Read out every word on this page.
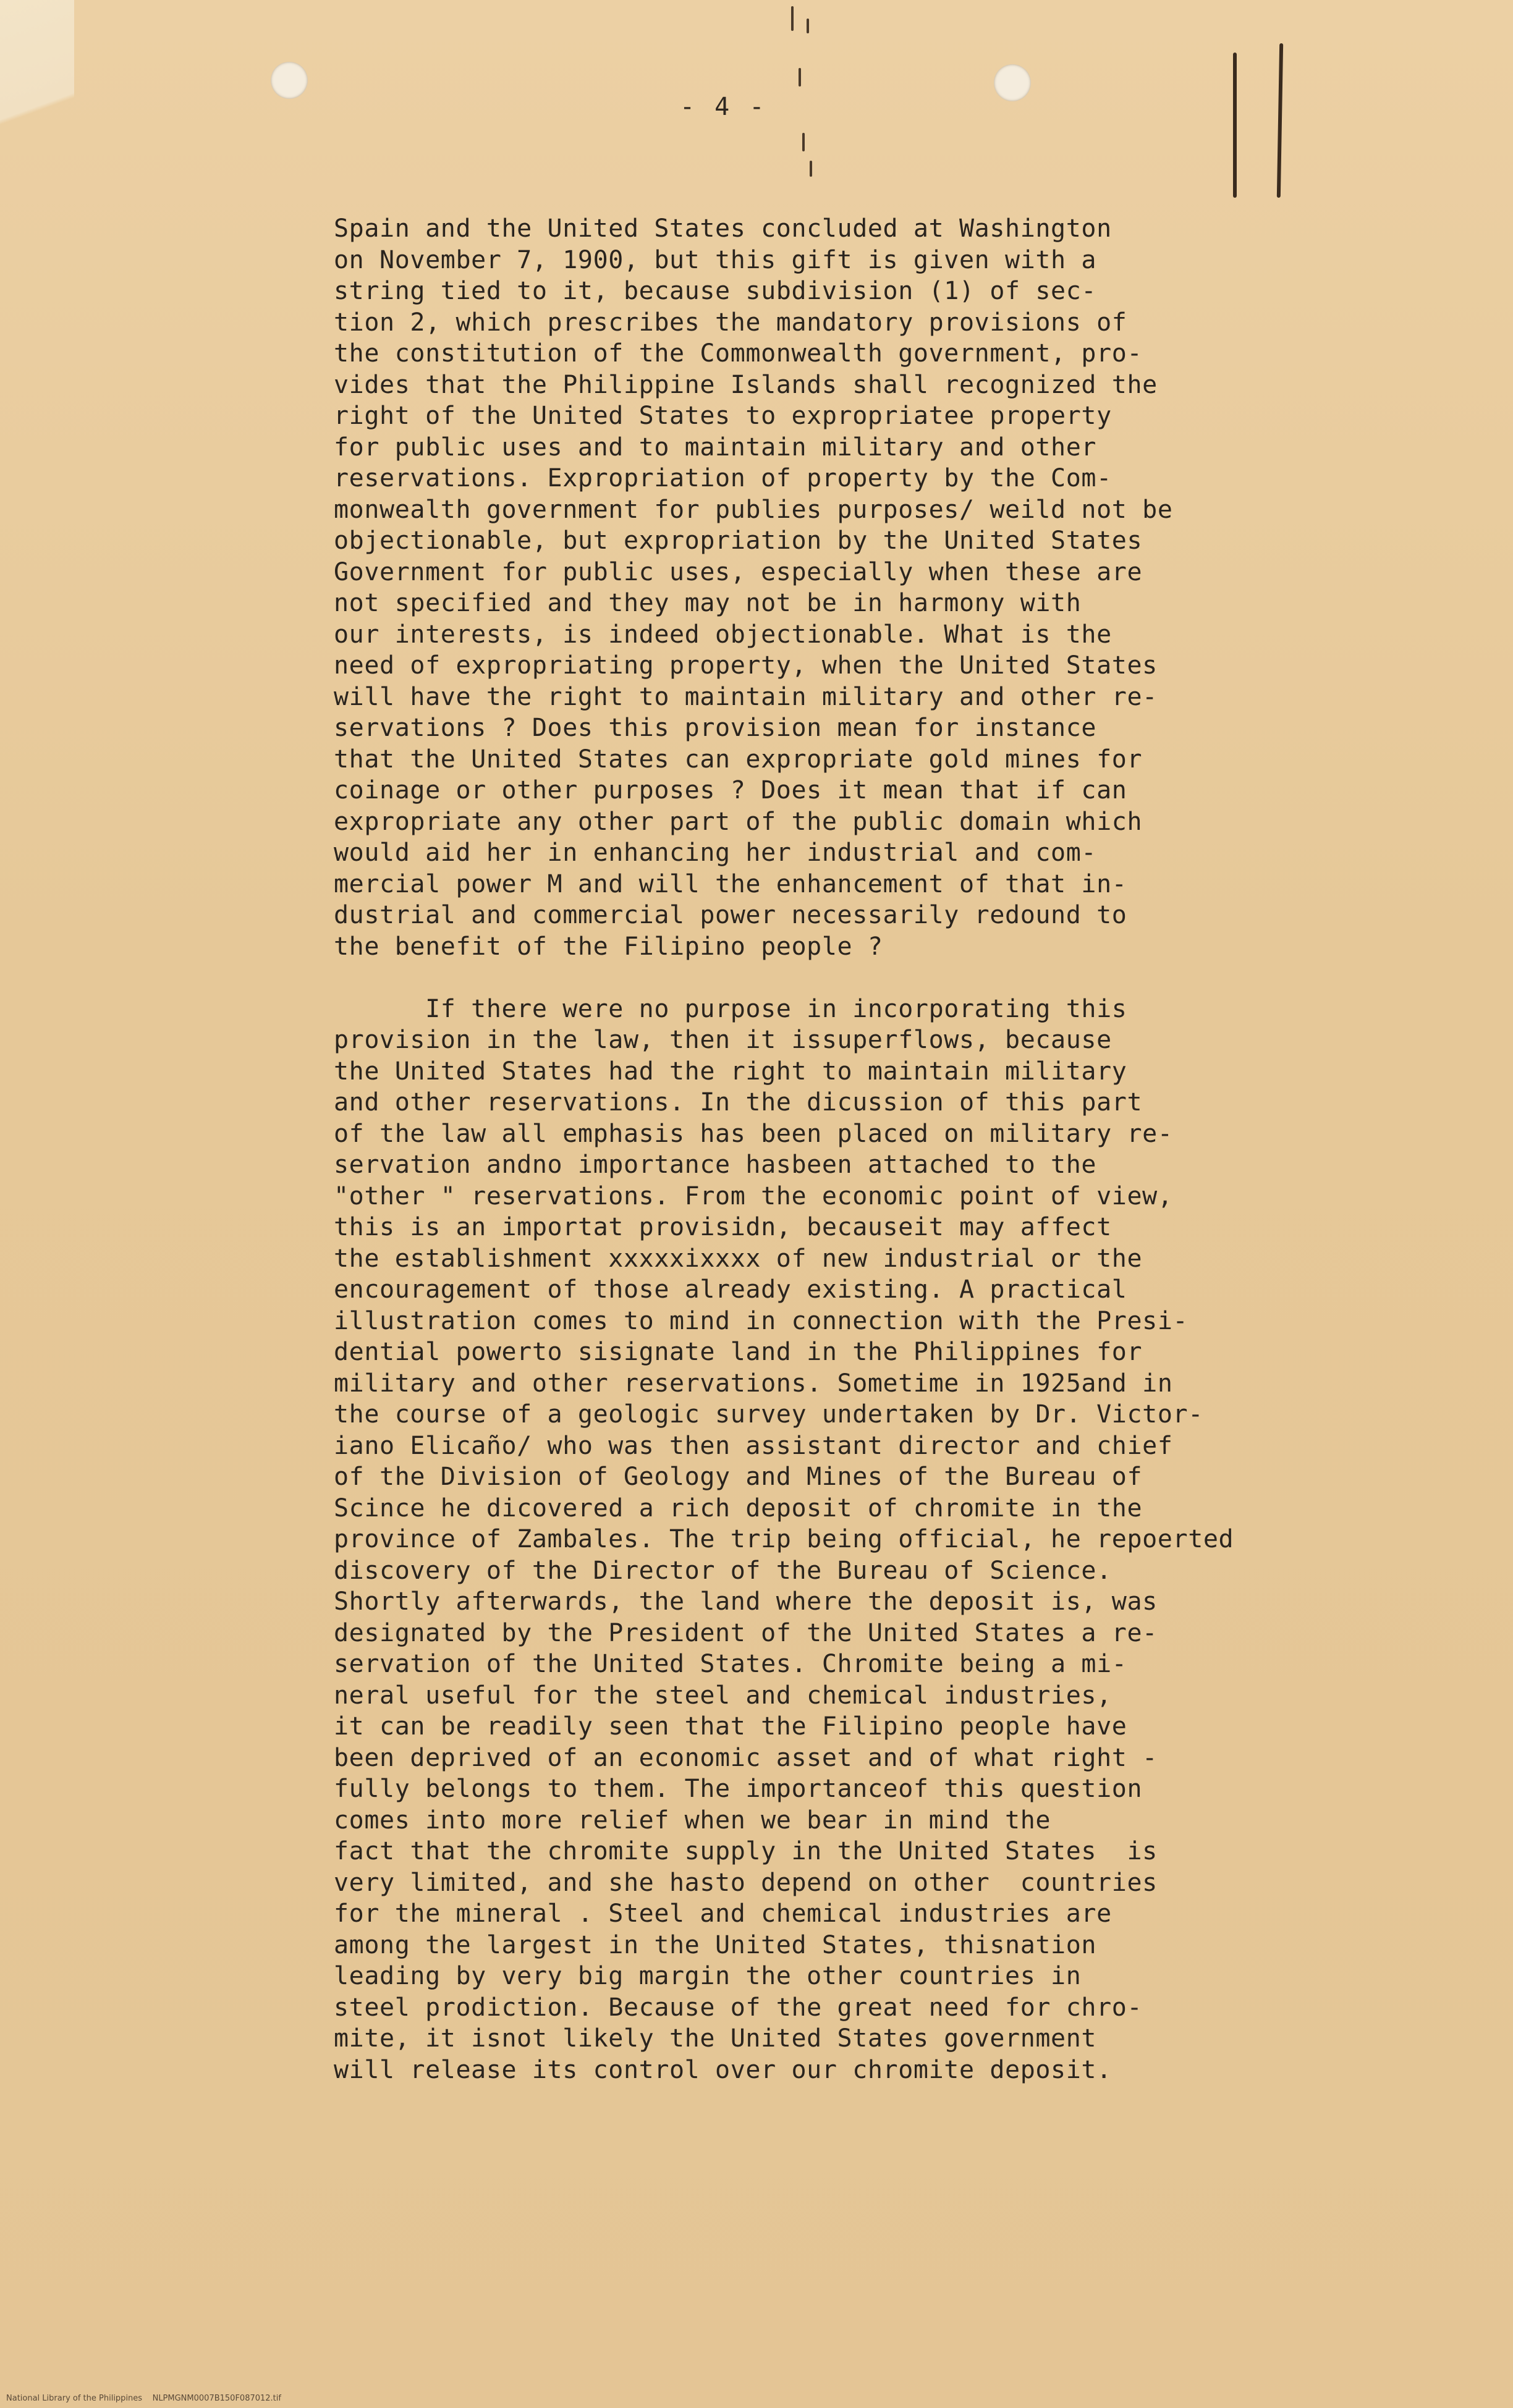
- 4 -
Spain and the United States concluded at Washington
on November 7, 1900, but this gift is given with a
string tied to it, because subdivision (1) of sec-
tion 2, which prescribes the mandatory provisions of
the constitution of the Commonwealth government, pro-
vides that the Philippine Islands shall recognized the
right of the United States to expropriatee property
for public uses and to maintain military and other
reservations. Expropriation of property by the Com-
monwealth government for publies purposes/ weild not be
objectionable, but expropriation by the United States
Government for public uses, especially when these are
not specified and they may not be in harmony with
our interests, is indeed objectionable. What is the
need of expropriating property, when the United States
will have the right to maintain military and other re-
servations ? Does this provision mean for instance
that the United States can expropriate gold mines for
coinage or other purposes ? Does it mean that if can
expropriate any other part of the public domain which
would aid her in enhancing her industrial and com-
mercial power M and will the enhancement of that in-
dustrial and commercial power necessarily redound to
the benefit of the Filipino people ?
If there were no purpose in incorporating this
provision in the law, then it issuperflows, because
the United States had the right to maintain military
and other reservations. In the dicussion of this part
of the law all emphasis has been placed on military re-
servation andno importance hasbeen attached to the
"other " reservations. From the economic point of view,
this is an importat provisidn, becauseit may affect
the establishment xxxxxixxxx of new industrial or the
encouragement of those already existing. A practical
illustration comes to mind in connection with the Presi-
dential powerto sisignate land in the Philippines for
military and other reservations. Sometime in 1925and in
the course of a geologic survey undertaken by Dr. Victor-
iano Elicaño/ who was then assistant director and chief
of the Division of Geology and Mines of the Bureau of
Scince he dicovered a rich deposit of chromite in the
province of Zambales. The trip being official, he repoerted
discovery of the Director of the Bureau of Science.
Shortly afterwards, the land where the deposit is, was
designated by the President of the United States a re-
servation of the United States. Chromite being a mi-
neral useful for the steel and chemical industries,
it can be readily seen that the Filipino people have
been deprived of an economic asset and of what right -
fully belongs to them. The importanceof this question
comes into more relief when we bear in mind the
fact that the chromite supply in the United States  is
very limited, and she hasto depend on other  countries
for the mineral . Steel and chemical industries are
among the largest in the United States, thisnation
leading by very big margin the other countries in
steel prodiction. Because of the great need for chro-
mite, it isnot likely the United States government
will release its control over our chromite deposit.
National Library of the Philippines    NLPMGNM0007B150F087012.tif
